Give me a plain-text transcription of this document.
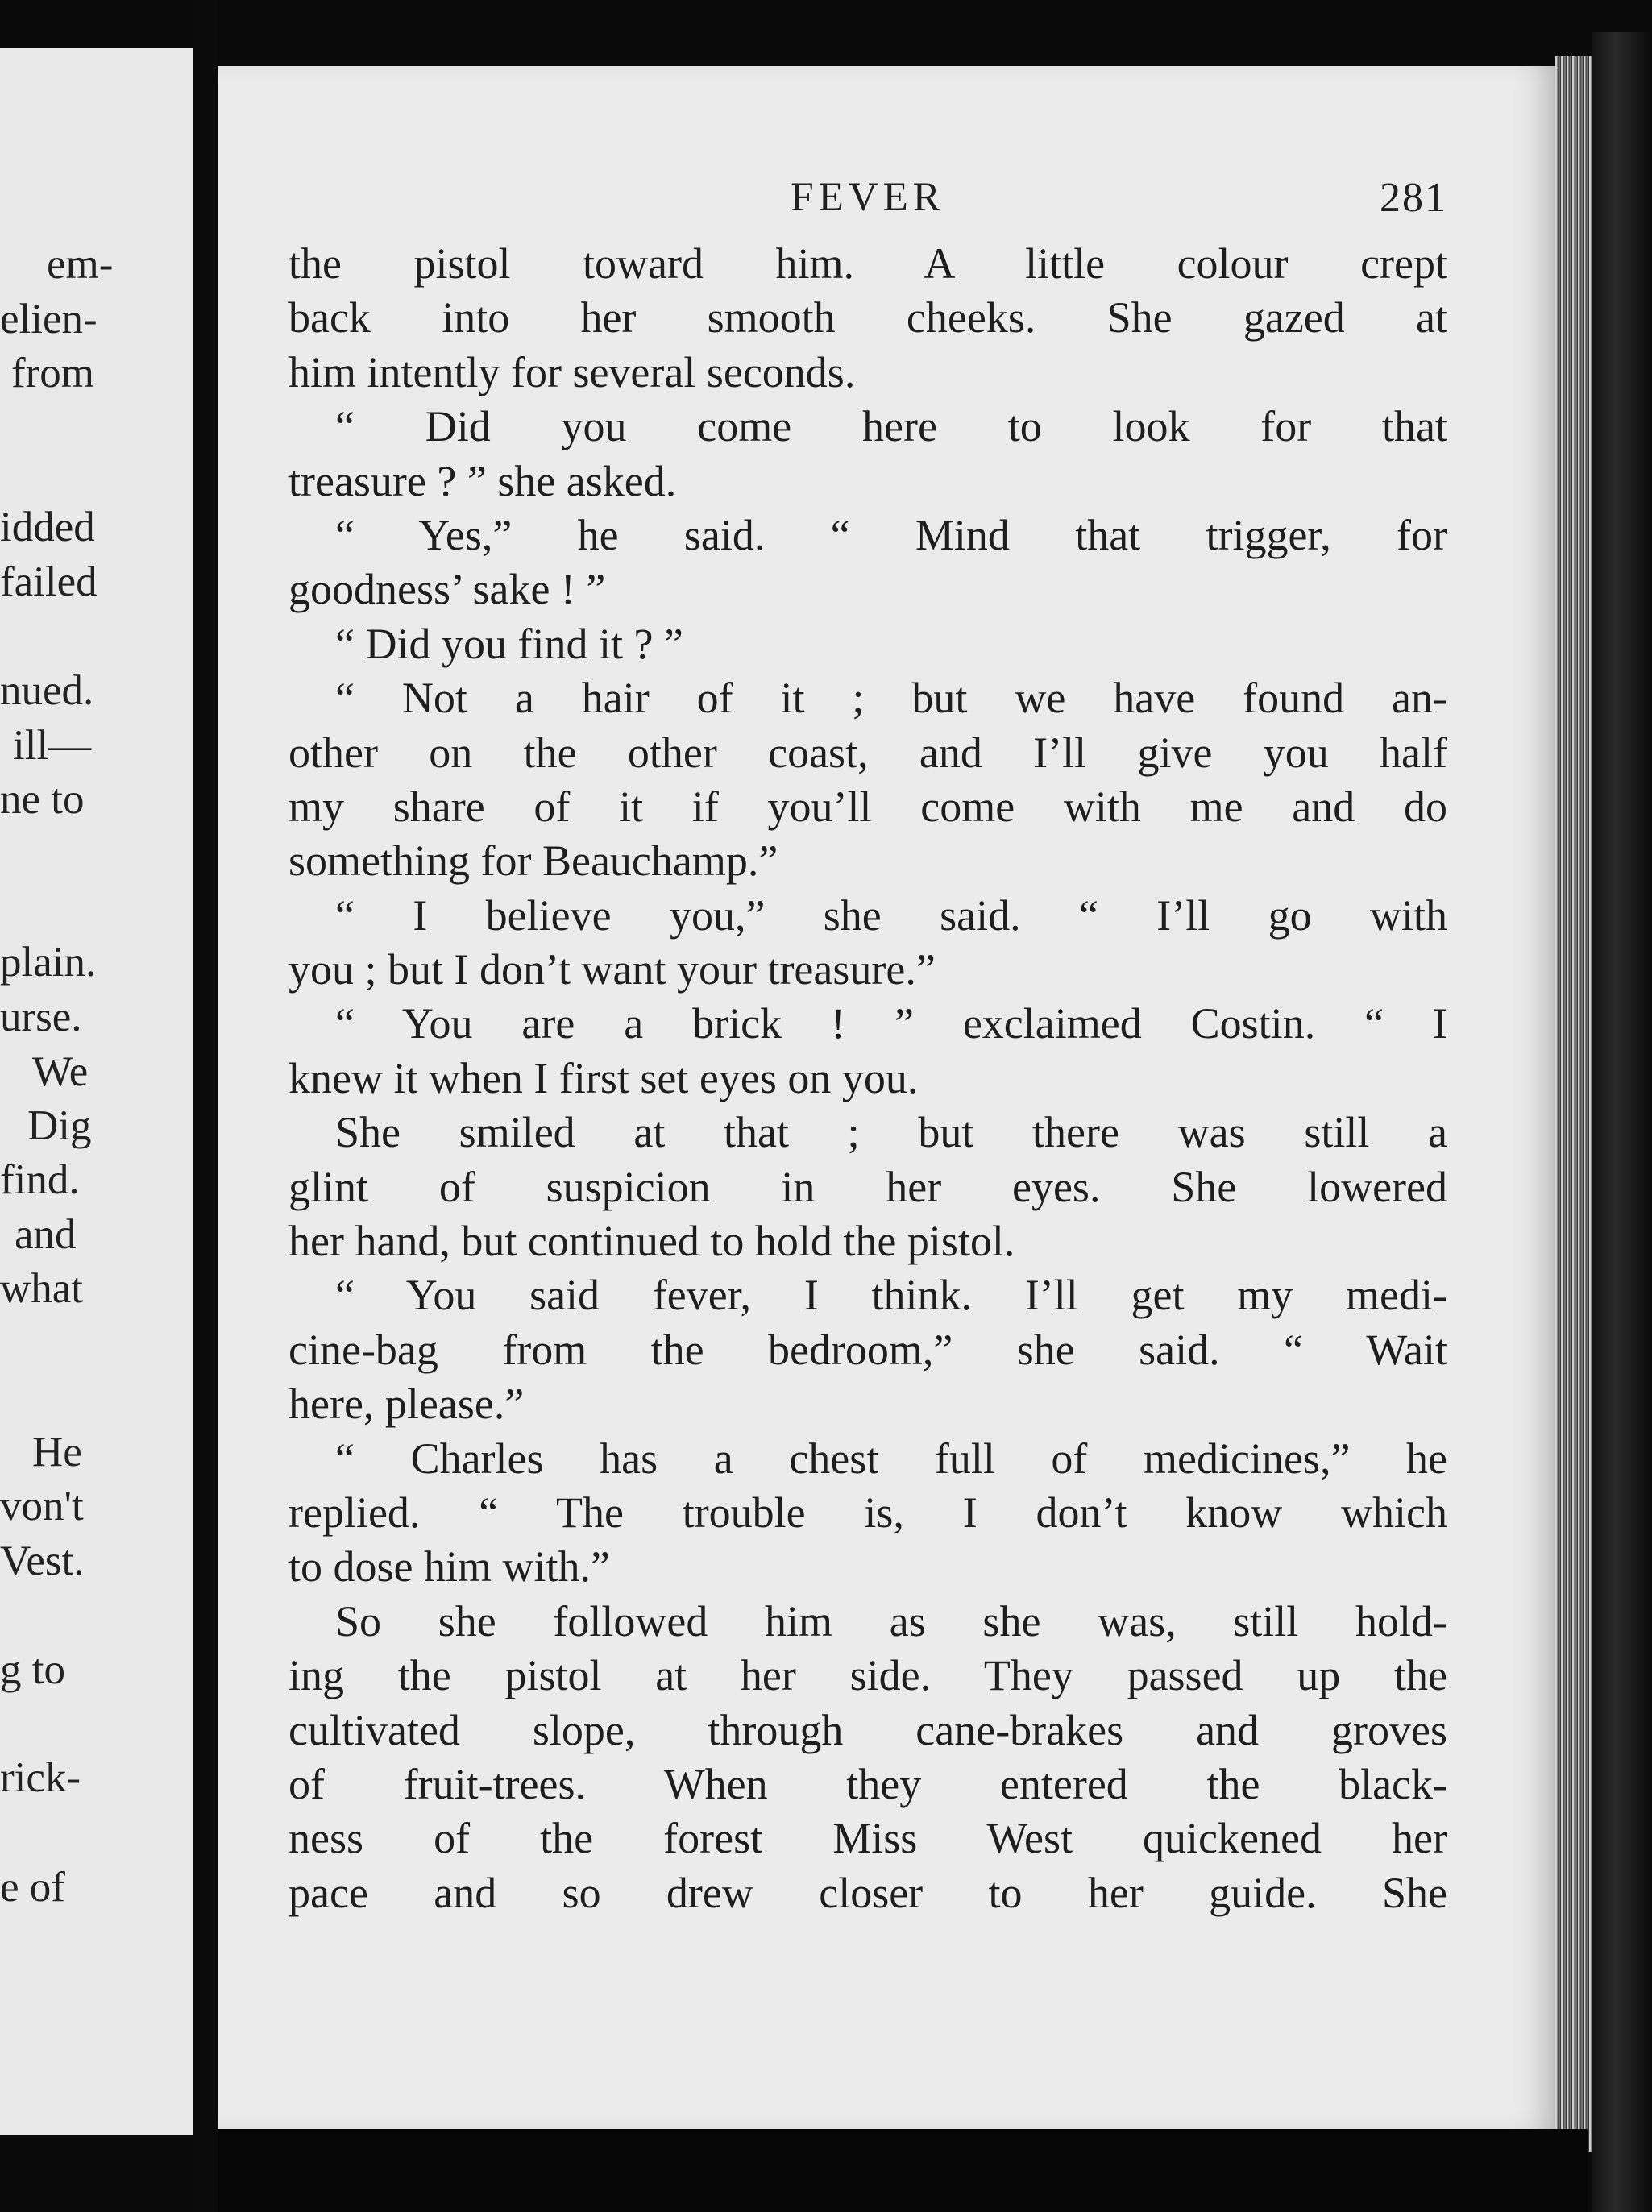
em-
elien-
from
idded
failed
nued.
ill—
ne to
plain.
urse.
We
Dig
find.
and
what
He
von't
Vest.
g to
rick-
e of
FEVER	281
the pistol toward him. A little colour crept
back into her smooth cheeks. She gazed at
him intently for several seconds.
“ Did you come here to look for that
treasure ? ” she asked.
“ Yes,” he said. “ Mind that trigger, for
goodness’ sake ! ”
“ Did you find it ? ”
“ Not a hair of it ; but we have found an-
other on the other coast, and I’ll give you half
my share of it if you’ll come with me and do
something for Beauchamp.”
“ I believe you,” she said. “ I’ll go with
you ; but I don’t want your treasure.”
“ You are a brick ! ” exclaimed Costin. “ I
knew it when I first set eyes on you.
She smiled at that ; but there was still a
glint of suspicion in her eyes. She lowered
her hand, but continued to hold the pistol.
“ You said fever, I think. I’ll get my medi-
cine-bag from the bedroom,” she said. “ Wait
here, please.”
“ Charles has a chest full of medicines,” he
replied. “ The trouble is, I don’t know which
to dose him with.”
So she followed him as she was, still hold-
ing the pistol at her side. They passed up the
cultivated slope, through cane-brakes and groves
of fruit-trees. When they entered the black-
ness of the forest Miss West quickened her
pace and so drew closer to her guide. She
